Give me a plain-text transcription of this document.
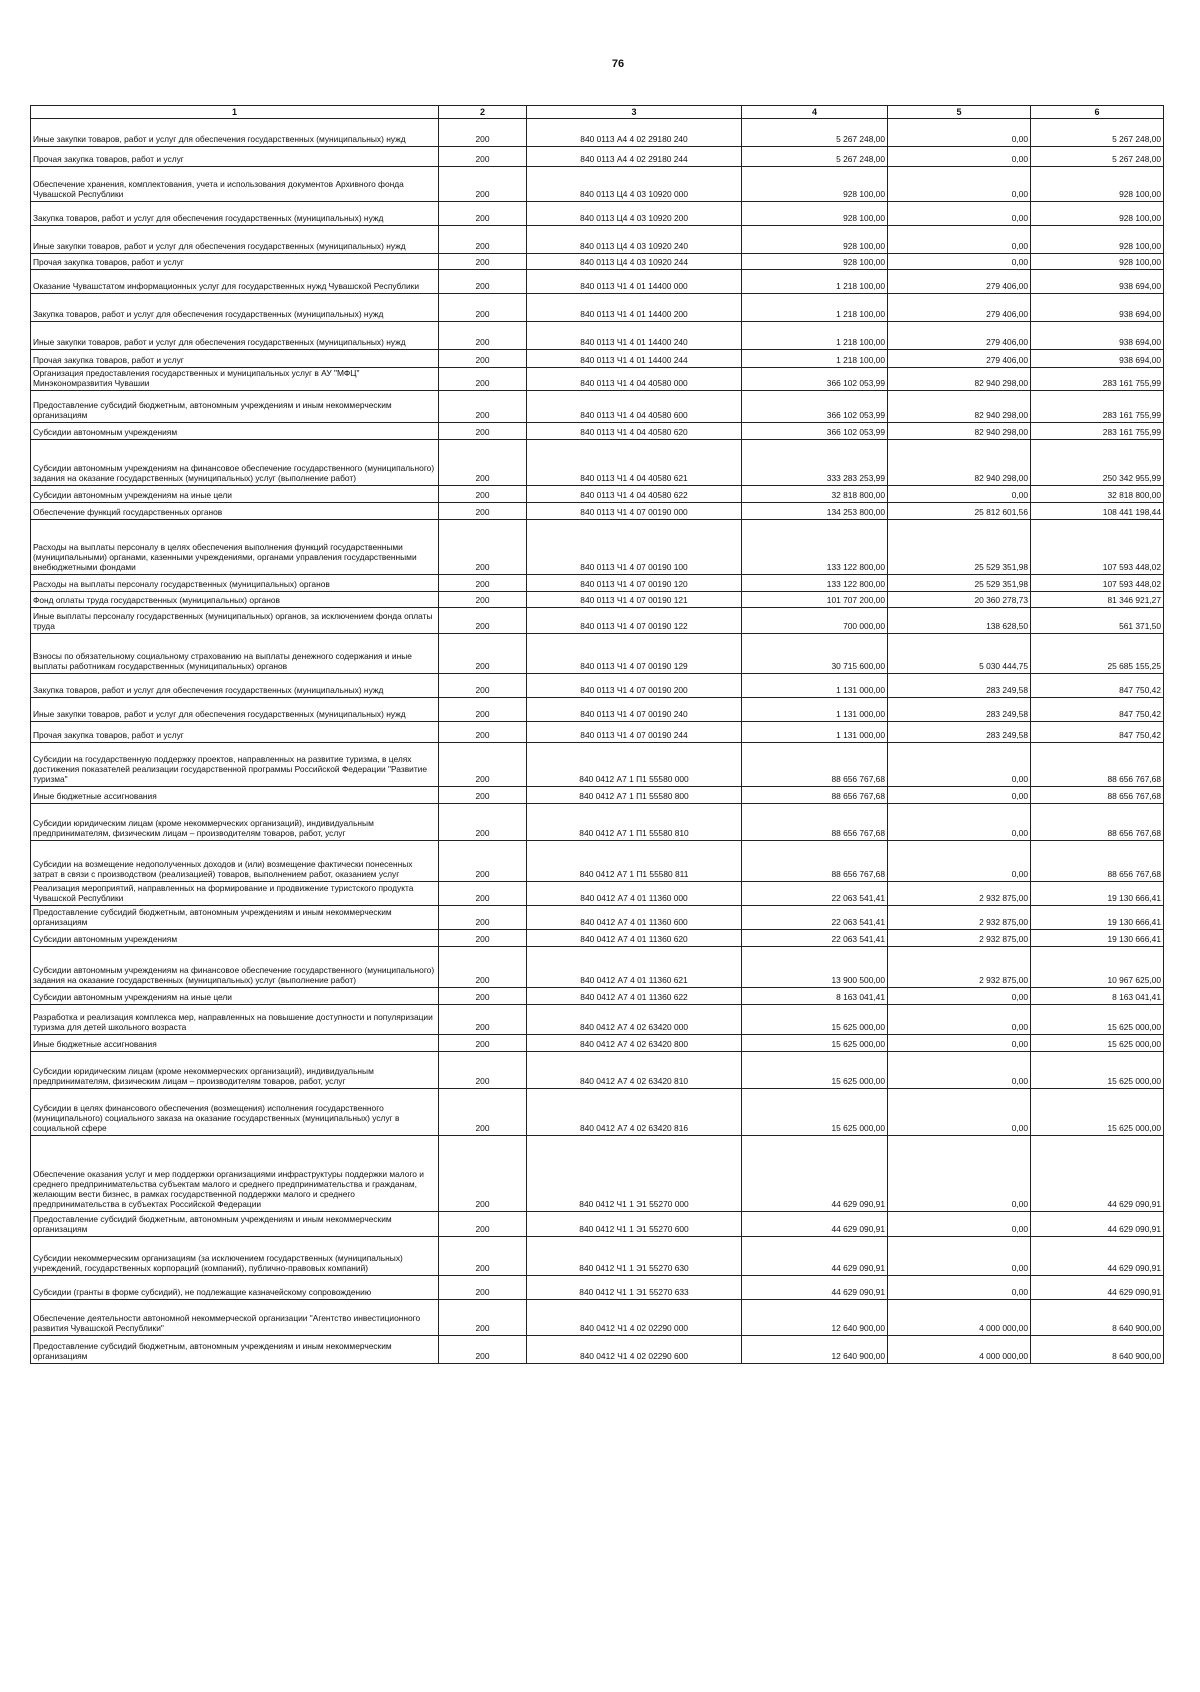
76
1	2	3	4	5	6
Иные закупки товаров, работ и услуг для обеспечения государственных (муниципальных) нужд	200	840 0113 А4 4 02 29180 240	5 267 248,00	0,00	5 267 248,00
Прочая закупка товаров, работ и услуг	200	840 0113 А4 4 02 29180 244	5 267 248,00	0,00	5 267 248,00
Обеспечение хранения, комплектования, учета и использования документов Архивного фонда Чувашской Республики	200	840 0113 Ц4 4 03 10920 000	928 100,00	0,00	928 100,00
Закупка товаров, работ и услуг для обеспечения государственных (муниципальных) нужд	200	840 0113 Ц4 4 03 10920 200	928 100,00	0,00	928 100,00
Иные закупки товаров, работ и услуг для обеспечения государственных (муниципальных) нужд	200	840 0113 Ц4 4 03 10920 240	928 100,00	0,00	928 100,00
Прочая закупка товаров, работ и услуг	200	840 0113 Ц4 4 03 10920 244	928 100,00	0,00	928 100,00
Оказание Чувашстатом информационных услуг для государственных нужд Чувашской Республики	200	840 0113 Ч1 4 01 14400 000	1 218 100,00	279 406,00	938 694,00
Закупка товаров, работ и услуг для обеспечения государственных (муниципальных) нужд	200	840 0113 Ч1 4 01 14400 200	1 218 100,00	279 406,00	938 694,00
Иные закупки товаров, работ и услуг для обеспечения государственных (муниципальных) нужд	200	840 0113 Ч1 4 01 14400 240	1 218 100,00	279 406,00	938 694,00
Прочая закупка товаров, работ и услуг	200	840 0113 Ч1 4 01 14400 244	1 218 100,00	279 406,00	938 694,00
Организация предоставления государственных и муниципальных услуг в АУ "МФЦ" Минэкономразвития Чувашии	200	840 0113 Ч1 4 04 40580 000	366 102 053,99	82 940 298,00	283 161 755,99
Предоставление субсидий бюджетным, автономным учреждениям и иным некоммерческим организациям	200	840 0113 Ч1 4 04 40580 600	366 102 053,99	82 940 298,00	283 161 755,99
Субсидии автономным учреждениям	200	840 0113 Ч1 4 04 40580 620	366 102 053,99	82 940 298,00	283 161 755,99
Субсидии автономным учреждениям на финансовое обеспечение государственного (муниципального) задания на оказание государственных (муниципальных) услуг (выполнение работ)	200	840 0113 Ч1 4 04 40580 621	333 283 253,99	82 940 298,00	250 342 955,99
Субсидии автономным учреждениям на иные цели	200	840 0113 Ч1 4 04 40580 622	32 818 800,00	0,00	32 818 800,00
Обеспечение функций государственных органов	200	840 0113 Ч1 4 07 00190 000	134 253 800,00	25 812 601,56	108 441 198,44
Расходы на выплаты персоналу в целях обеспечения выполнения функций государственными (муниципальными) органами, казенными учреждениями, органами управления государственными внебюджетными фондами	200	840 0113 Ч1 4 07 00190 100	133 122 800,00	25 529 351,98	107 593 448,02
Расходы на выплаты персоналу государственных (муниципальных) органов	200	840 0113 Ч1 4 07 00190 120	133 122 800,00	25 529 351,98	107 593 448,02
Фонд оплаты труда государственных (муниципальных) органов	200	840 0113 Ч1 4 07 00190 121	101 707 200,00	20 360 278,73	81 346 921,27
Иные выплаты персоналу государственных (муниципальных) органов, за исключением фонда оплаты труда	200	840 0113 Ч1 4 07 00190 122	700 000,00	138 628,50	561 371,50
Взносы по обязательному социальному страхованию на выплаты денежного содержания и иные выплаты работникам государственных (муниципальных) органов	200	840 0113 Ч1 4 07 00190 129	30 715 600,00	5 030 444,75	25 685 155,25
Закупка товаров, работ и услуг для обеспечения государственных (муниципальных) нужд	200	840 0113 Ч1 4 07 00190 200	1 131 000,00	283 249,58	847 750,42
Иные закупки товаров, работ и услуг для обеспечения государственных (муниципальных) нужд	200	840 0113 Ч1 4 07 00190 240	1 131 000,00	283 249,58	847 750,42
Прочая закупка товаров, работ и услуг	200	840 0113 Ч1 4 07 00190 244	1 131 000,00	283 249,58	847 750,42
Субсидии на государственную поддержку проектов, направленных на развитие туризма, в целях достижения показателей реализации государственной программы Российской Федерации "Развитие туризма"	200	840 0412 А7 1 П1 55580 000	88 656 767,68	0,00	88 656 767,68
Иные бюджетные ассигнования	200	840 0412 А7 1 П1 55580 800	88 656 767,68	0,00	88 656 767,68
Субсидии юридическим лицам (кроме некоммерческих организаций), индивидуальным предпринимателям, физическим лицам – производителям товаров, работ, услуг	200	840 0412 А7 1 П1 55580 810	88 656 767,68	0,00	88 656 767,68
Субсидии на возмещение недополученных доходов и (или) возмещение фактически понесенных затрат в связи с производством (реализацией) товаров, выполнением работ, оказанием услуг	200	840 0412 А7 1 П1 55580 811	88 656 767,68	0,00	88 656 767,68
Реализация мероприятий, направленных на формирование и продвижение туристского продукта Чувашской Республики	200	840 0412 А7 4 01 11360 000	22 063 541,41	2 932 875,00	19 130 666,41
Предоставление субсидий бюджетным, автономным учреждениям и иным некоммерческим организациям	200	840 0412 А7 4 01 11360 600	22 063 541,41	2 932 875,00	19 130 666,41
Субсидии автономным учреждениям	200	840 0412 А7 4 01 11360 620	22 063 541,41	2 932 875,00	19 130 666,41
Субсидии автономным учреждениям на финансовое обеспечение государственного (муниципального) задания на оказание государственных (муниципальных) услуг (выполнение работ)	200	840 0412 А7 4 01 11360 621	13 900 500,00	2 932 875,00	10 967 625,00
Субсидии автономным учреждениям на иные цели	200	840 0412 А7 4 01 11360 622	8 163 041,41	0,00	8 163 041,41
Разработка и реализация комплекса мер, направленных на повышение доступности и популяризации туризма для детей школьного возраста	200	840 0412 А7 4 02 63420 000	15 625 000,00	0,00	15 625 000,00
Иные бюджетные ассигнования	200	840 0412 А7 4 02 63420 800	15 625 000,00	0,00	15 625 000,00
Субсидии юридическим лицам (кроме некоммерческих организаций), индивидуальным предпринимателям, физическим лицам – производителям товаров, работ, услуг	200	840 0412 А7 4 02 63420 810	15 625 000,00	0,00	15 625 000,00
Субсидии в целях финансового обеспечения (возмещения) исполнения государственного (муниципального) социального заказа на оказание государственных (муниципальных) услуг в социальной сфере	200	840 0412 А7 4 02 63420 816	15 625 000,00	0,00	15 625 000,00
Обеспечение оказания услуг и мер поддержки организациями инфраструктуры поддержки малого и среднего предпринимательства субъектам малого и среднего предпринимательства и гражданам, желающим вести бизнес, в рамках государственной поддержки малого и среднего предпринимательства в субъектах Российской Федерации	200	840 0412 Ч1 1 Э1 55270 000	44 629 090,91	0,00	44 629 090,91
Предоставление субсидий бюджетным, автономным учреждениям и иным некоммерческим организациям	200	840 0412 Ч1 1 Э1 55270 600	44 629 090,91	0,00	44 629 090,91
Субсидии некоммерческим организациям (за исключением государственных (муниципальных) учреждений, государственных корпораций (компаний), публично-правовых компаний)	200	840 0412 Ч1 1 Э1 55270 630	44 629 090,91	0,00	44 629 090,91
Субсидии (гранты в форме субсидий), не подлежащие казначейскому сопровождению	200	840 0412 Ч1 1 Э1 55270 633	44 629 090,91	0,00	44 629 090,91
Обеспечение деятельности автономной некоммерческой организации "Агентство инвестиционного развития Чувашской Республики"	200	840 0412 Ч1 4 02 02290 000	12 640 900,00	4 000 000,00	8 640 900,00
Предоставление субсидий бюджетным, автономным учреждениям и иным некоммерческим организациям	200	840 0412 Ч1 4 02 02290 600	12 640 900,00	4 000 000,00	8 640 900,00
